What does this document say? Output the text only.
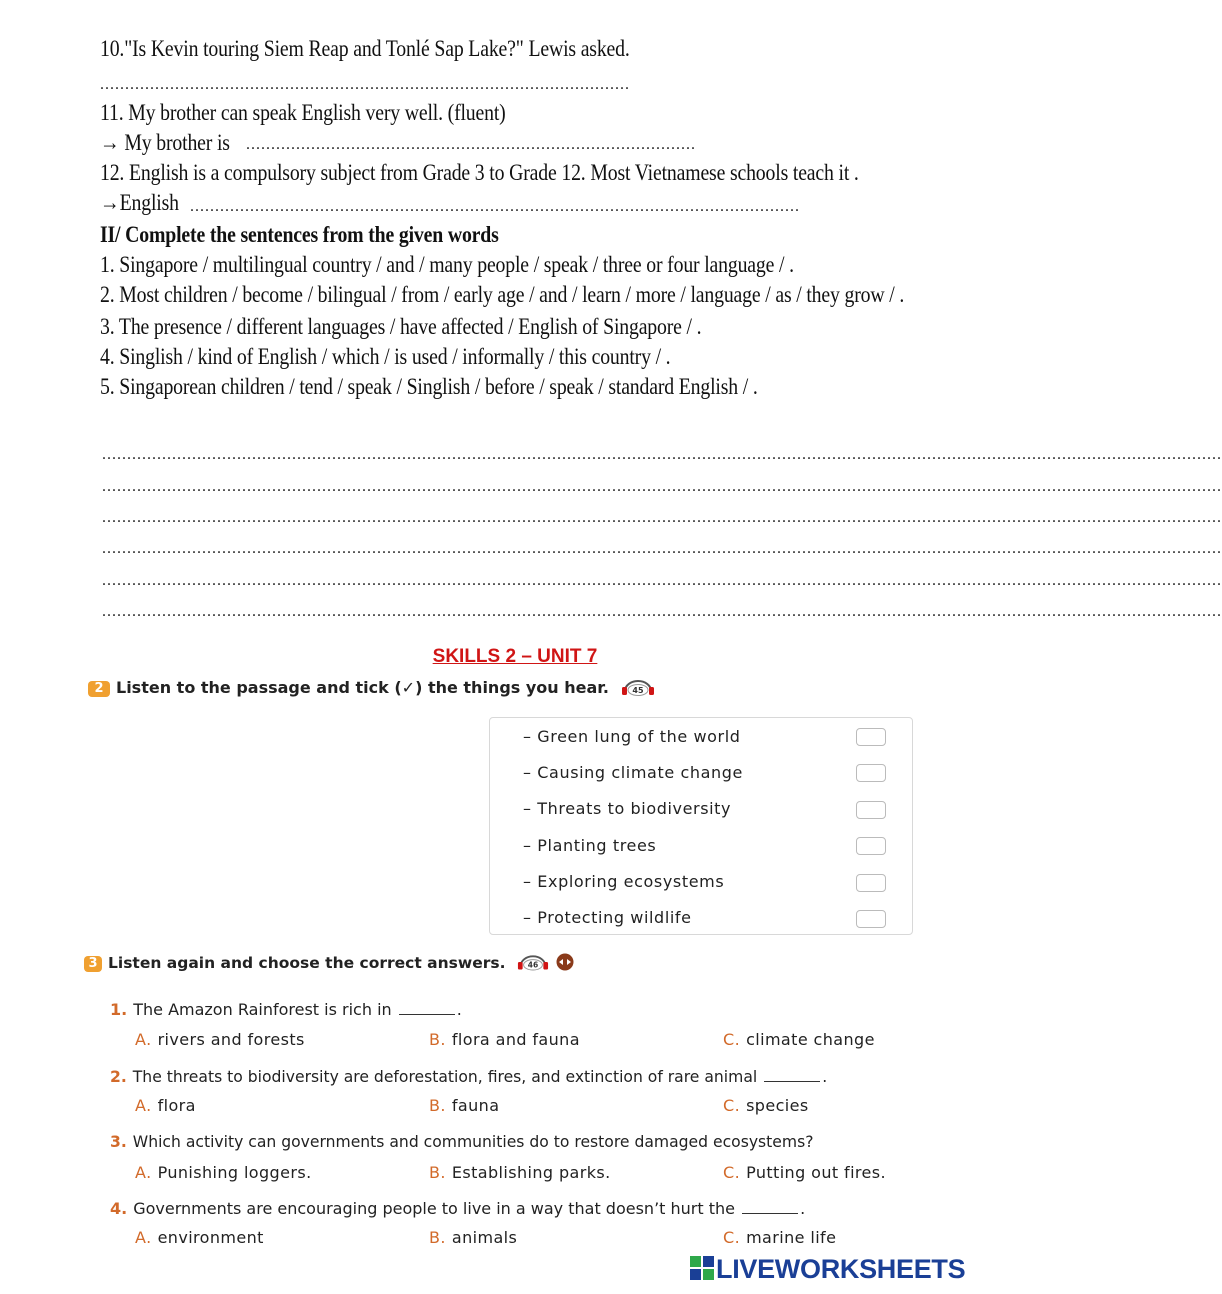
10."Is Kevin touring Siem Reap and Tonlé Sap Lake?" Lewis asked.
..........................................................................................................
11. My brother can speak English very well. (fluent)
→ My brother is ..........................................................................................
12. English is a compulsory subject from Grade 3 to Grade 12. Most Vietnamese schools teach it .
→English ..........................................................................................................................
II/ Complete the sentences from the given words
1. Singapore / multilingual country / and / many people / speak / three or four language / .
2. Most children / become / bilingual / from / early age / and / learn / more / language / as / they grow / .
3. The presence / different languages / have affected / English of Singapore / .
4. Singlish / kind of English / which / is used / informally / this country / .
5. Singaporean children / tend / speak / Singlish / before / speak / standard English / .
................................................................................................................................................................................................................................
................................................................................................................................................................................................................................
................................................................................................................................................................................................................................
................................................................................................................................................................................................................................
................................................................................................................................................................................................................................
................................................................................................................................................................................................................................
SKILLS 2 – UNIT 7
2 Listen to the passage and tick (✓) the things you hear.	45
– Green lung of the world
– Causing climate change
– Threats to biodiversity
– Planting trees
– Exploring ecosystems
– Protecting wildlife
3 Listen again and choose the correct answers.	46

1. The Amazon Rainforest is rich in	.
A. rivers and forests	B. flora and fauna	C. climate change
2. The threats to biodiversity are deforestation, fires, and extinction of rare animal	.
A. flora	B. fauna	C. species
3. Which activity can governments and communities do to restore damaged ecosystems?
A. Punishing loggers.	B. Establishing parks.	C. Putting out fires.
4. Governments are encouraging people to live in a way that doesn’t hurt the	.
A. environment	B. animals	C. marine life
LIVEWORKSHEETS
